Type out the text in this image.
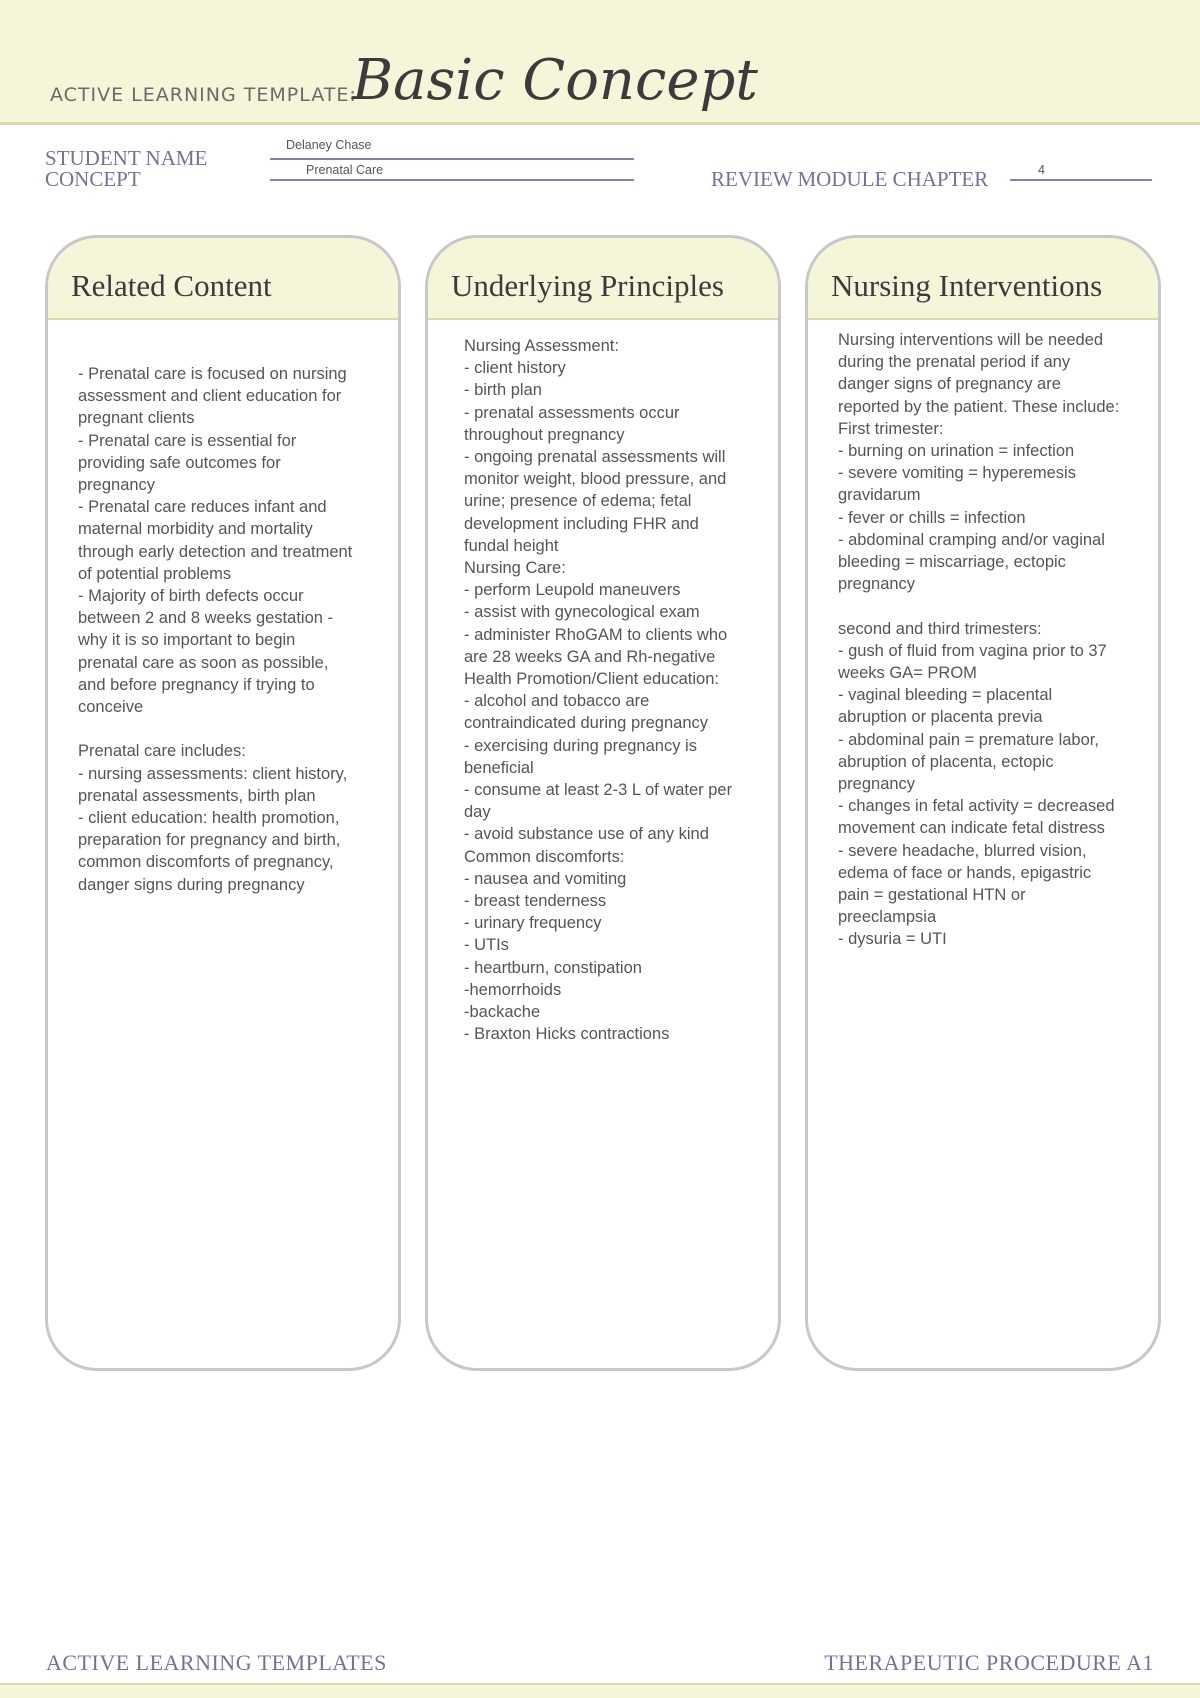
ACTIVE LEARNING TEMPLATE:
Basic Concept
STUDENT NAME
Delaney Chase
CONCEPT	Prenatal Care	REVIEW MODULE CHAPTER	4
Related Content
- Prenatal care is focused on nursing
assessment and client education for
pregnant clients
- Prenatal care is essential for
providing safe outcomes for
pregnancy
- Prenatal care reduces infant and
maternal morbidity and mortality
through early detection and treatment
of potential problems
- Majority of birth defects occur
between 2 and 8 weeks gestation -
why it is so important to begin
prenatal care as soon as possible,
and before pregnancy if trying to
conceive

Prenatal care includes:
- nursing assessments: client history,
prenatal assessments, birth plan
- client education: health promotion,
preparation for pregnancy and birth,
common discomforts of pregnancy,
danger signs during pregnancy
Underlying Principles
Nursing Assessment:
- client history
- birth plan
- prenatal assessments occur
throughout pregnancy
- ongoing prenatal assessments will
monitor weight, blood pressure, and
urine; presence of edema; fetal
development including FHR and
fundal height
Nursing Care:
- perform Leupold maneuvers
- assist with gynecological exam
- administer RhoGAM to clients who
are 28 weeks GA and Rh-negative
Health Promotion/Client education:
- alcohol and tobacco are
contraindicated during pregnancy
- exercising during pregnancy is
beneficial
- consume at least 2-3 L of water per
day
- avoid substance use of any kind
Common discomforts:
- nausea and vomiting
- breast tenderness
- urinary frequency
- UTIs
- heartburn, constipation
-hemorrhoids
-backache
- Braxton Hicks contractions
Nursing Interventions
Nursing interventions will be needed
during the prenatal period if any
danger signs of pregnancy are
reported by the patient. These include:
First trimester:
- burning on urination = infection
- severe vomiting = hyperemesis
gravidarum
- fever or chills = infection
- abdominal cramping and/or vaginal
bleeding = miscarriage, ectopic
pregnancy

second and third trimesters:
- gush of fluid from vagina prior to 37
weeks GA= PROM
- vaginal bleeding = placental
abruption or placenta previa
- abdominal pain = premature labor,
abruption of placenta, ectopic
pregnancy
- changes in fetal activity = decreased
movement can indicate fetal distress
- severe headache, blurred vision,
edema of face or hands, epigastric
pain = gestational HTN or
preeclampsia
- dysuria = UTI
ACTIVE LEARNING TEMPLATES	THERAPEUTIC PROCEDURE A1
